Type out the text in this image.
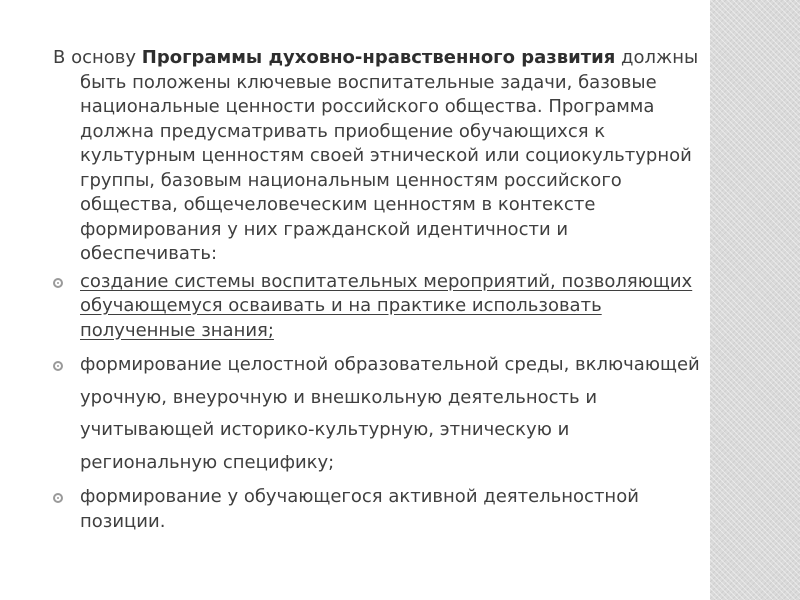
В основу Программы духовно-нравственного развития должны быть положены ключевые воспитательные задачи, базовые национальные ценности российского общества. Программа должна предусматривать приобщение обучающихся к культурным ценностям своей этнической или социокультурной группы, базовым национальным ценностям российского общества, общечеловеческим ценностям в контексте формирования у них гражданской идентичности и обеспечивать:

создание системы воспитательных мероприятий, позволяющих обучающемуся осваивать и на практике использовать полученные знания;

формирование целостной образовательной среды, включающей урочную, внеурочную и внешкольную деятельность и учитывающей историко-культурную, этническую и региональную специфику;

формирование у обучающегося активной деятельностной позиции.
